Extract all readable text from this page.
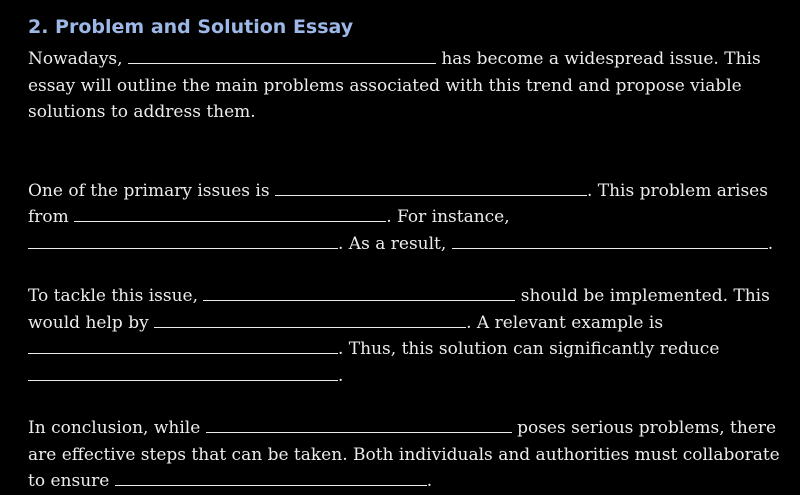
2. Problem and Solution Essay

Nowadays,	has become a widespread issue. This essay will outline the main problems associated with this trend and propose viable solutions to address them.

One of the primary issues is	. This problem arises from	. For instance, . As a result,	.

To tackle this issue,	should be implemented. This would help by	. A relevant example is . Thus, this solution can significantly reduce .

In conclusion, while	poses serious problems, there are effective steps that can be taken. Both individuals and authorities must collaborate to ensure	.
